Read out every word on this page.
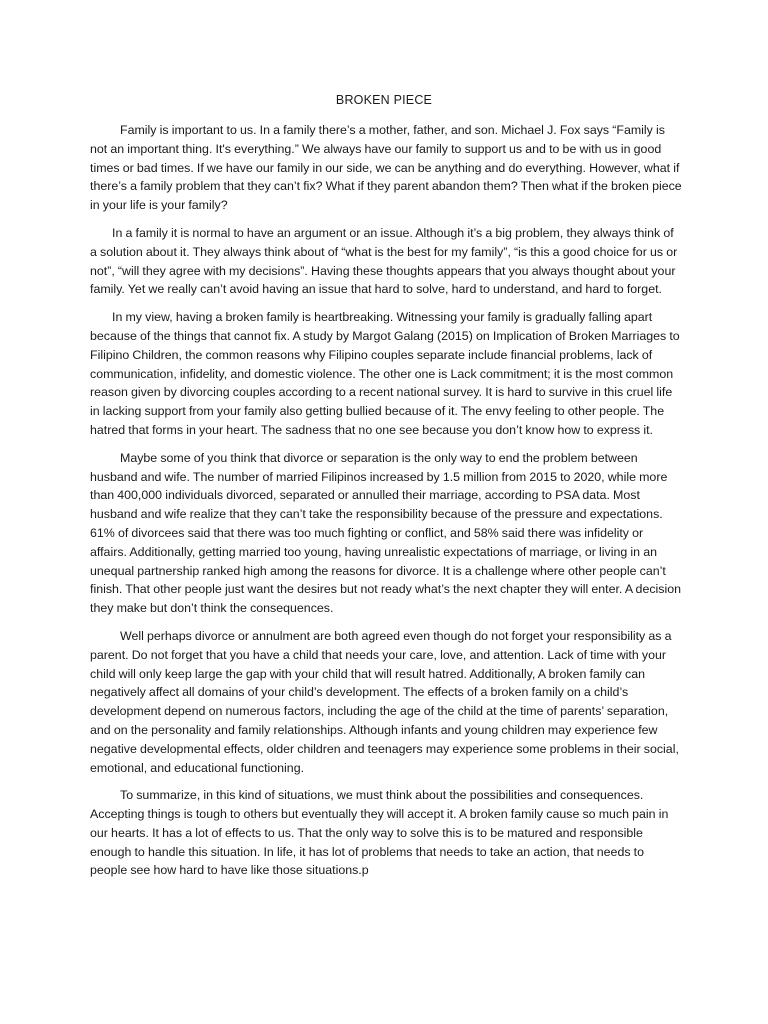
BROKEN PIECE

Family is important to us. In a family there’s a mother, father, and son. Michael J. Fox says “Family is not an important thing. It's everything.” We always have our family to support us and to be with us in good times or bad times. If we have our family in our side, we can be anything and do everything. However, what if there’s a family problem that they can’t fix? What if they parent abandon them? Then what if the broken piece in your life is your family?

In a family it is normal to have an argument or an issue. Although it’s a big problem, they always think of a solution about it. They always think about of “what is the best for my family”, “is this a good choice for us or not”, “will they agree with my decisions”. Having these thoughts appears that you always thought about your family. Yet we really can’t avoid having an issue that hard to solve, hard to understand, and hard to forget.

In my view, having a broken family is heartbreaking. Witnessing your family is gradually falling apart because of the things that cannot fix. A study by Margot Galang (2015) on Implication of Broken Marriages to Filipino Children, the common reasons why Filipino couples separate include financial problems, lack of communication, infidelity, and domestic violence. The other one is Lack commitment; it is the most common reason given by divorcing couples according to a recent national survey. It is hard to survive in this cruel life in lacking support from your family also getting bullied because of it. The envy feeling to other people. The hatred that forms in your heart. The sadness that no one see because you don’t know how to express it.

Maybe some of you think that divorce or separation is the only way to end the problem between husband and wife. The number of married Filipinos increased by 1.5 million from 2015 to 2020, while more than 400,000 individuals divorced, separated or annulled their marriage, according to PSA data. Most husband and wife realize that they can’t take the responsibility because of the pressure and expectations. 61% of divorcees said that there was too much fighting or conflict, and 58% said there was infidelity or affairs. Additionally, getting married too young, having unrealistic expectations of marriage, or living in an unequal partnership ranked high among the reasons for divorce. It is a challenge where other people can’t finish. That other people just want the desires but not ready what’s the next chapter they will enter. A decision they make but don’t think the consequences.

Well perhaps divorce or annulment are both agreed even though do not forget your responsibility as a parent. Do not forget that you have a child that needs your care, love, and attention. Lack of time with your child will only keep large the gap with your child that will result hatred. Additionally, A broken family can negatively affect all domains of your child’s development. The effects of a broken family on a child’s development depend on numerous factors, including the age of the child at the time of parents’ separation, and on the personality and family relationships. Although infants and young children may experience few negative developmental effects, older children and teenagers may experience some problems in their social, emotional, and educational functioning.

To summarize, in this kind of situations, we must think about the possibilities and consequences. Accepting things is tough to others but eventually they will accept it. A broken family cause so much pain in our hearts. It has a lot of effects to us. That the only way to solve this is to be matured and responsible enough to handle this situation. In life, it has lot of problems that needs to take an action, that needs to people see how hard to have like those situations.p
